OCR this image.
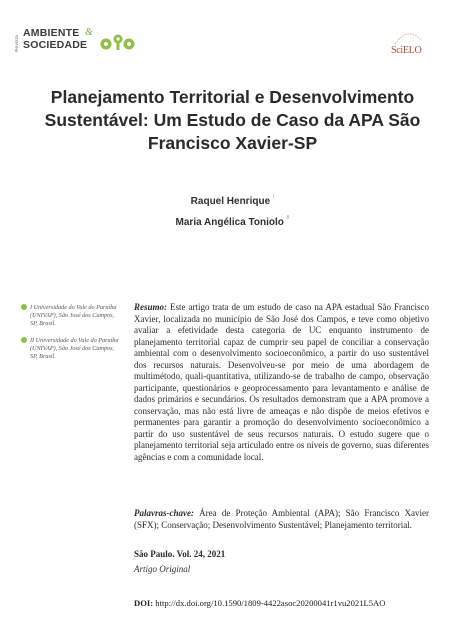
Revista
AMBIENTE &
SOCIEDADE	SciELO
Planejamento Territorial e Desenvolvimento Sustentável: Um Estudo de Caso da APA São Francisco Xavier-SP
Raquel Henrique $^I$
Maria Angélica Toniolo $^{II}$
I Universidade do Vale do Paraíba (UNIVAP), São José dos Campos, SP, Brasil.
II Universidade do Vale do Paraíba (UNIVAP), São José dos Campos, SP, Brasil.

Resumo: Este artigo trata de um estudo de caso na APA estadual São Francisco Xavier, localizada no município de São José dos Campos, e teve como objetivo avaliar a efetividade desta categoria de UC enquanto instrumento de planejamento territorial capaz de cumprir seu papel de conciliar a conservação ambiental com o desenvolvimento socioeconômico, a partir do uso sustentável dos recursos naturais. Desenvolveu-se por meio de uma abordagem de multimétodo, quali-quantitativa, utilizando-se de trabalho de campo, observação participante, questionários e geoprocessamento para levantamento e análise de dados primários e secundários. Os resultados demonstram que a APA promove a conservação, mas não está livre de ameaças e não dispõe de meios efetivos e permanentes para garantir a promoção do desenvolvimento socioeconômico a partir do uso sustentável de seus recursos naturais. O estudo sugere que o planejamento territorial seja articulado entre os níveis de governo, suas diferentes agências e com a comunidade local.

Palavras-chave: Área de Proteção Ambiental (APA); São Francisco Xavier (SFX); Conservação; Desenvolvimento Sustentável; Planejamento territorial.

São Paulo. Vol. 24, 2021
Artigo Original
DOI: http://dx.doi.org/10.1590/1809-4422asoc20200041r1vu2021L5AO
